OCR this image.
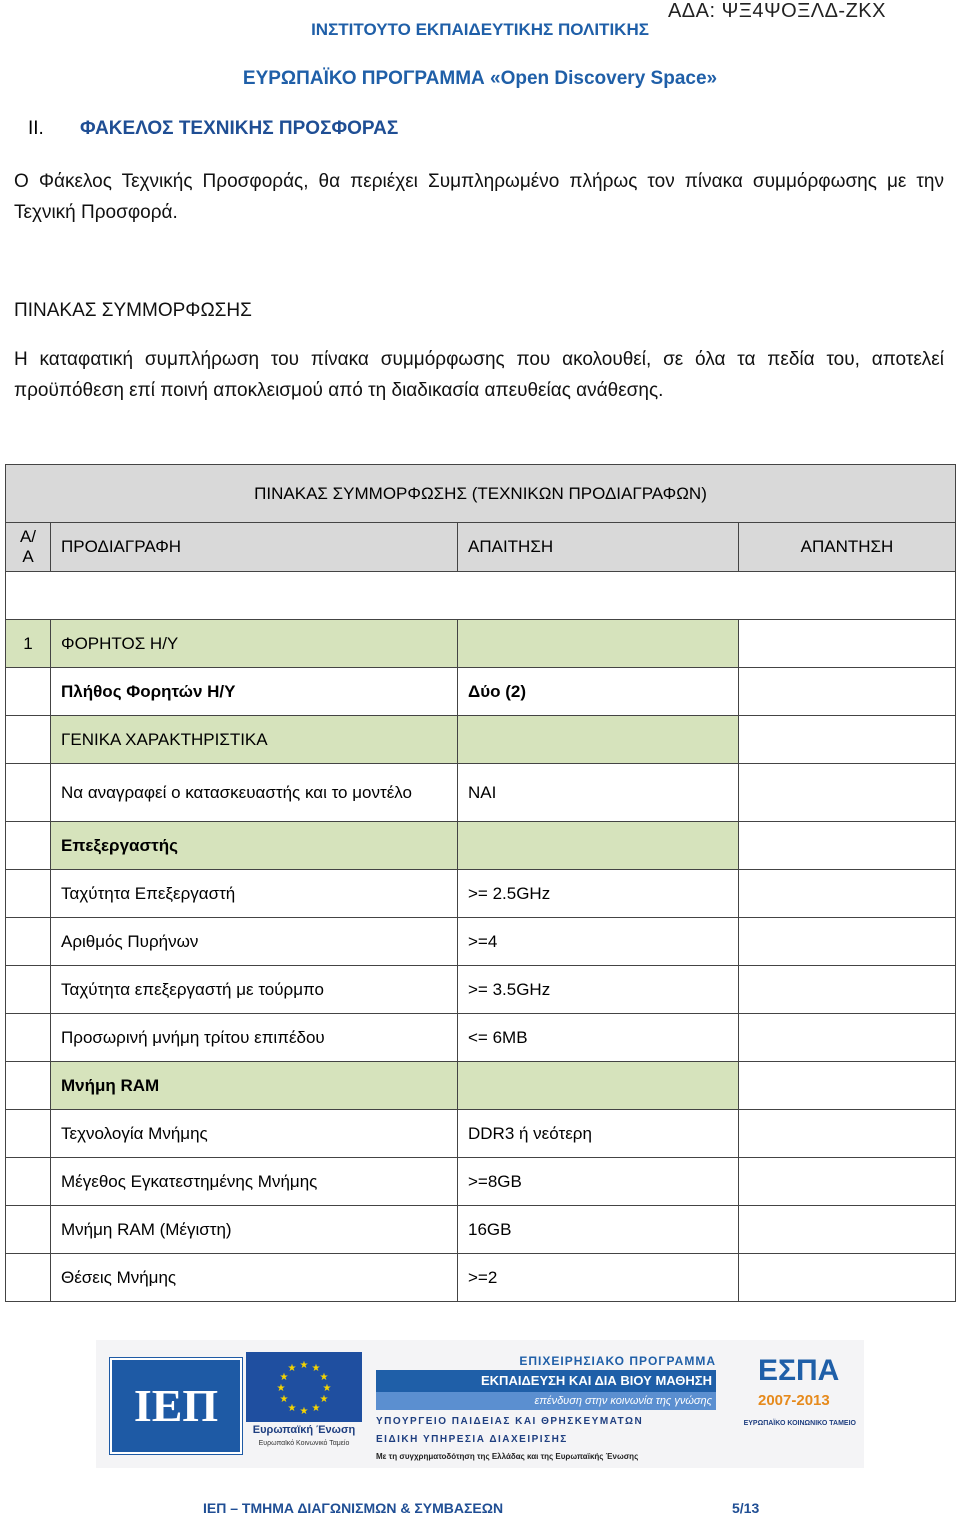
ΑΔΑ: ΨΞ4ΨΟΞΛΔ-ΖΚΧ
ΙΝΣΤΙΤΟΥΤΟ ΕΚΠΑΙΔΕΥΤΙΚΗΣ ΠΟΛΙΤΙΚΗΣ
ΕΥΡΩΠΑΪΚΟ ΠΡΟΓΡΑΜΜΑ «Open Discovery Space»
II. ΦΑΚΕΛΟΣ ΤΕΧΝΙΚΗΣ ΠΡΟΣΦΟΡΑΣ
Ο Φάκελος Τεχνικής Προσφοράς, θα περιέχει Συμπληρωμένο πλήρως τον πίνακα συμμόρφωσης με την Τεχνική Προσφορά.
ΠΙΝΑΚΑΣ ΣΥΜΜΟΡΦΩΣΗΣ
Η καταφατική συμπλήρωση του πίνακα συμμόρφωσης που ακολουθεί, σε όλα τα πεδία του, αποτελεί προϋπόθεση επί ποινή αποκλεισμού από τη διαδικασία απευθείας ανάθεσης.
ΠΙΝΑΚΑΣ ΣΥΜΜΟΡΦΩΣΗΣ (ΤΕΧΝΙΚΩΝ ΠΡΟΔΙΑΓΡΑΦΩΝ)			
Α/Α	ΠΡΟΔΙΑΓΡΑΦΗ	ΑΠΑΙΤΗΣΗ	ΑΠΑΝΤΗΣΗ

1	ΦΟΡΗΤΟΣ Η/Υ		
	Πλήθος Φορητών Η/Υ	Δύο (2)	
	ΓΕΝΙΚΑ ΧΑΡΑΚΤΗΡΙΣΤΙΚΑ		
	Να αναγραφεί ο κατασκευαστής και το μοντέλο	ΝΑΙ	
	Επεξεργαστής		
	Ταχύτητα Επεξεργαστή	>= 2.5GHz	
	Αριθμός Πυρήνων	>=4	
	Ταχύτητα επεξεργαστή με τούρμπο	>= 3.5GHz	
	Προσωρινή μνήμη τρίτου επιπέδου	<= 6MB	
	Μνήμη RAM		
	Τεχνολογία Μνήμης	DDR3 ή νεότερη	
	Μέγεθος Εγκατεστημένης Μνήμης	>=8GB	
	Μνήμη RAM (Μέγιστη)	16GB	
	Θέσεις Μνήμης	>=2	
ΙΕΠ
★ ★
★
★
★
★
★
★
★
★
★
★
Ευρωπαϊκή Ένωση
Ευρωπαϊκό Κοινωνικό Ταμείο
ΕΠΙΧΕΙΡΗΣΙΑΚΟ ΠΡΟΓΡΑΜΜΑ
ΕΚΠΑΙΔΕΥΣΗ ΚΑΙ ΔΙΑ ΒΙΟΥ ΜΑΘΗΣΗ
επένδυση στην κοινωνία της γνώσης
ΥΠΟΥΡΓΕΙΟ ΠΑΙΔΕΙΑΣ ΚΑΙ ΘΡΗΣΚΕΥΜΑΤΩΝ
ΕΙΔΙΚΗ ΥΠΗΡΕΣΙΑ ΔΙΑΧΕΙΡΙΣΗΣ
Με τη συγχρηματοδότηση της Ελλάδας και της Ευρωπαϊκής Ένωσης
ΕΣΠΑ
2007-2013
ΕΥΡΩΠΑΪΚΟ ΚΟΙΝΩΝΙΚΟ ΤΑΜΕΙΟ
ΙΕΠ – ΤΜΗΜΑ ΔΙΑΓΩΝΙΣΜΩΝ & ΣΥΜΒΑΣΕΩΝ	5/13
